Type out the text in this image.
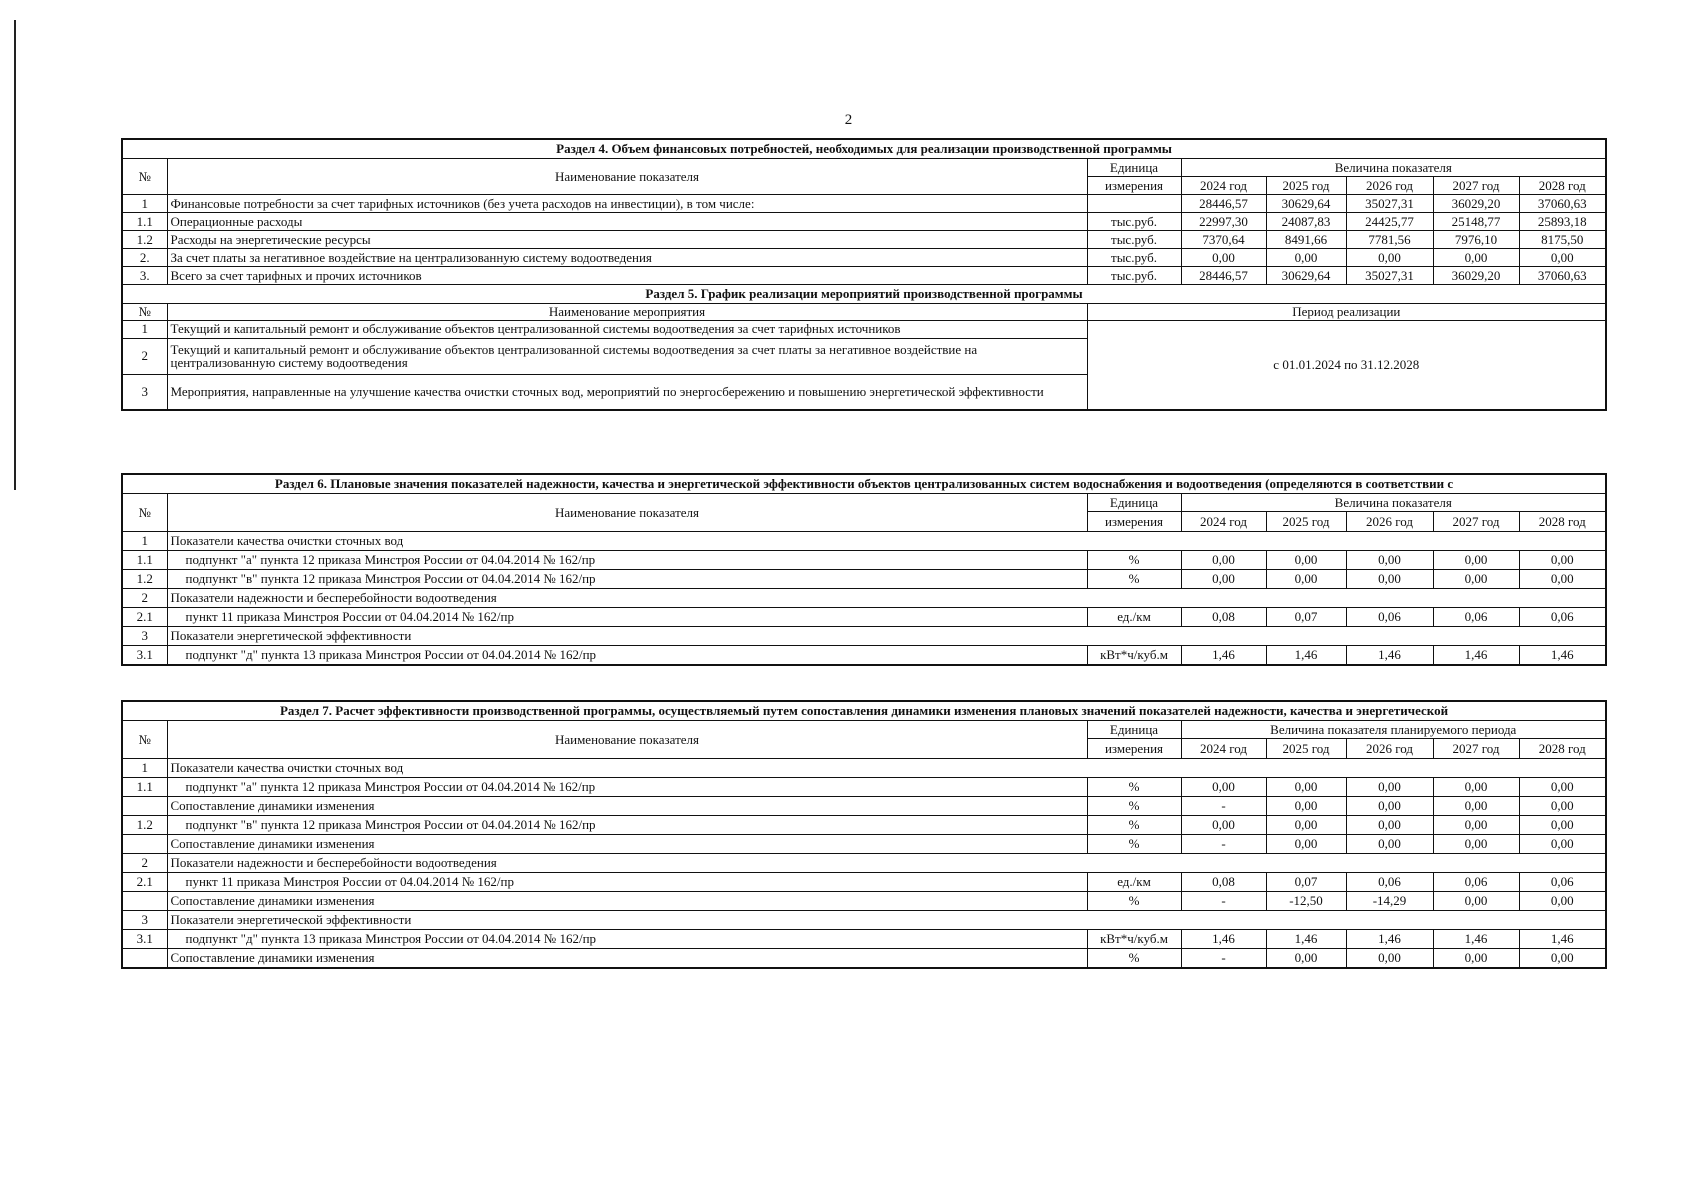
2
Раздел 4. Объем финансовых потребностей, необходимых для реализации производственной программы							
№	Наименование показателя	Единица	Величина показателя				
		измерения	2024 год	2025 год	2026 год	2027 год	2028 год
1	Финансовые потребности за счет тарифных источников (без учета расходов на инвестиции), в том числе:		28446,57	30629,64	35027,31	36029,20	37060,63
1.1	Операционные расходы	тыс.руб.	22997,30	24087,83	24425,77	25148,77	25893,18
1.2	Расходы на энергетические ресурсы	тыс.руб.	7370,64	8491,66	7781,56	7976,10	8175,50
2.	За счет платы за негативное воздействие на централизованную систему водоотведения	тыс.руб.	0,00	0,00	0,00	0,00	0,00
3.	Всего за счет тарифных и прочих источников	тыс.руб.	28446,57	30629,64	35027,31	36029,20	37060,63
Раздел 5. График реализации мероприятий производственной программы							
№	Наименование мероприятия	Период реализации					
1	Текущий и капитальный ремонт и обслуживание объектов централизованной системы водоотведения за счет тарифных источников	с 01.01.2024 по 31.12.2028					
2	Текущий и капитальный ремонт и обслуживание объектов централизованной системы водоотведения за счет платы за негативное воздействие на централизованную систему водоотведения						
3	Мероприятия, направленные на улучшение качества очистки сточных вод, мероприятий по энергосбережению и повышению энергетической эффективности						
Раздел 6. Плановые значения показателей надежности, качества и энергетической эффективности объектов централизованных систем водоснабжения и водоотведения (определяются в соответствии с							
№	Наименование показателя	Единица	Величина показателя				
		измерения	2024 год	2025 год	2026 год	2027 год	2028 год
1	Показатели качества очистки сточных вод						
1.1	подпункт "а" пункта 12 приказа Минстроя России от 04.04.2014 № 162/пр	%	0,00	0,00	0,00	0,00	0,00
1.2	подпункт "в" пункта 12 приказа Минстроя России от 04.04.2014 № 162/пр	%	0,00	0,00	0,00	0,00	0,00
2	Показатели надежности и бесперебойности водоотведения						
2.1	пункт 11 приказа Минстроя России от 04.04.2014 № 162/пр	ед./км	0,08	0,07	0,06	0,06	0,06
3	Показатели энергетической эффективности						
3.1	подпункт "д" пункта 13 приказа Минстроя России от 04.04.2014 № 162/пр	кВт*ч/куб.м	1,46	1,46	1,46	1,46	1,46
Раздел 7. Расчет эффективности производственной программы, осуществляемый путем сопоставления динамики изменения плановых значений показателей надежности, качества и энергетической							
№	Наименование показателя	Единица	Величина показателя планируемого периода				
		измерения	2024 год	2025 год	2026 год	2027 год	2028 год
1	Показатели качества очистки сточных вод						
1.1	подпункт "а" пункта 12 приказа Минстроя России от 04.04.2014 № 162/пр	%	0,00	0,00	0,00	0,00	0,00
	Сопоставление динамики изменения	%	-	0,00	0,00	0,00	0,00
1.2	подпункт "в" пункта 12 приказа Минстроя России от 04.04.2014 № 162/пр	%	0,00	0,00	0,00	0,00	0,00
	Сопоставление динамики изменения	%	-	0,00	0,00	0,00	0,00
2	Показатели надежности и бесперебойности водоотведения						
2.1	пункт 11 приказа Минстроя России от 04.04.2014 № 162/пр	ед./км	0,08	0,07	0,06	0,06	0,06
	Сопоставление динамики изменения	%	-	-12,50	-14,29	0,00	0,00
3	Показатели энергетической эффективности						
3.1	подпункт "д" пункта 13 приказа Минстроя России от 04.04.2014 № 162/пр	кВт*ч/куб.м	1,46	1,46	1,46	1,46	1,46
	Сопоставление динамики изменения	%	-	0,00	0,00	0,00	0,00
